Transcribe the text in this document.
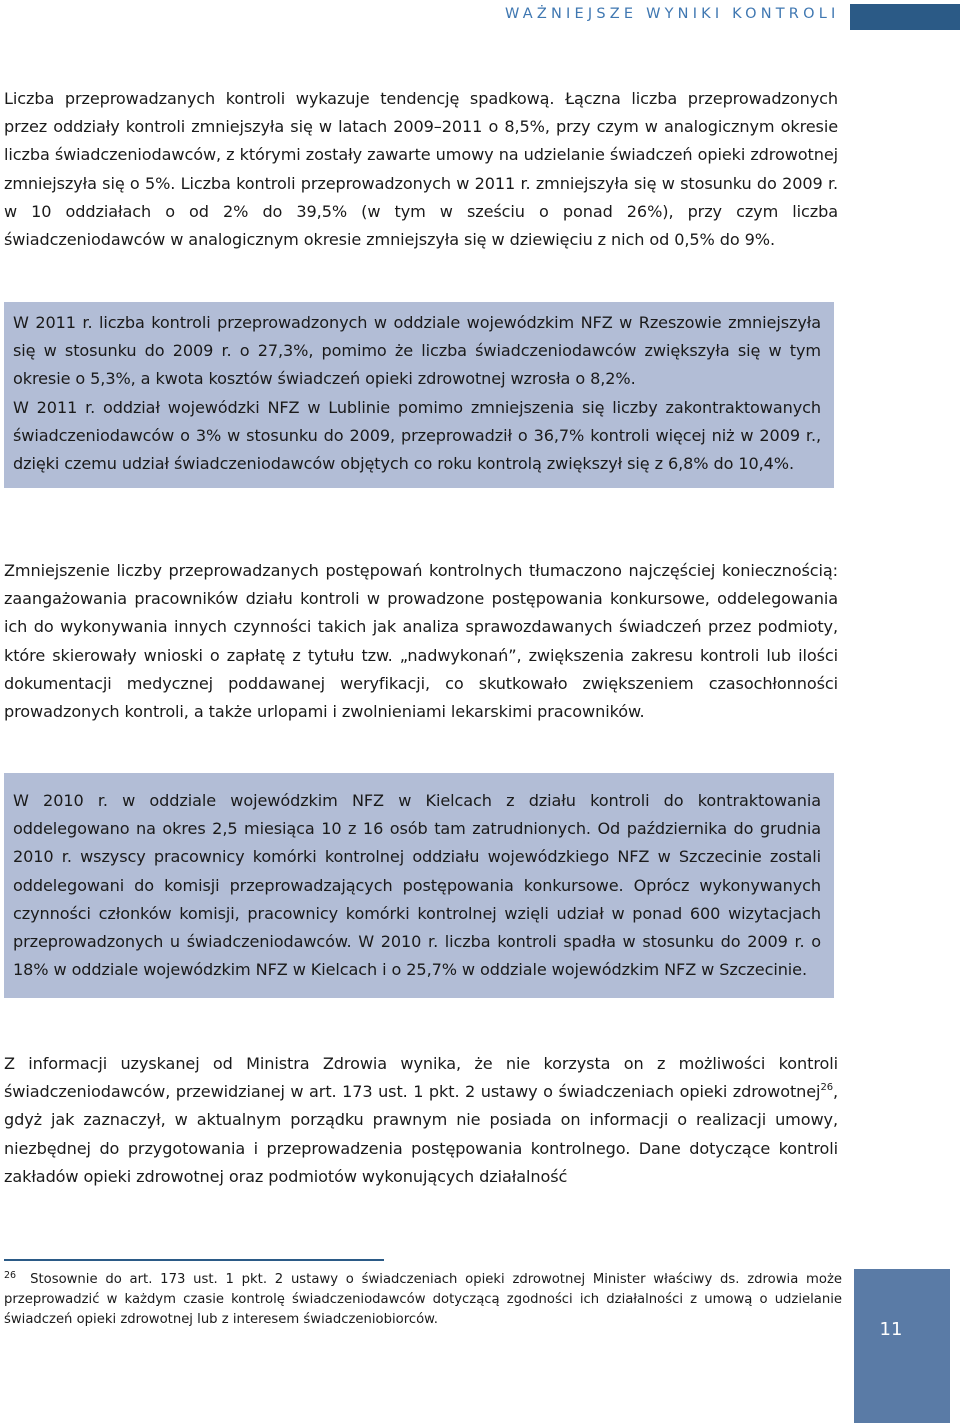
WAŻNIEJSZE WYNIKI KONTROLI

Liczba przeprowadzanych kontroli wykazuje tendencję spadkową. Łączna liczba przeprowadzonych przez oddziały kontroli zmniejszyła się w latach 2009–2011 o 8,5%, przy czym w analogicznym okresie liczba świadczeniodawców, z którymi zostały zawarte umowy na udzielanie świadczeń opieki zdrowotnej zmniejszyła się o 5%. Liczba kontroli przeprowadzonych w 2011 r. zmniejszyła się w stosunku do 2009 r. w 10 oddziałach o od 2% do 39,5% (w tym w sześciu o ponad 26%), przy czym liczba świadczeniodawców w analogicznym okresie zmniejszyła się w dziewięciu z nich od 0,5% do 9%.

W 2011 r. liczba kontroli przeprowadzonych w oddziale wojewódzkim NFZ w Rzeszowie zmniejszyła się w stosunku do 2009 r. o 27,3%, pomimo że liczba świadczeniodawców zwiększyła się w tym okresie o 5,3%, a kwota kosztów świadczeń opieki zdrowotnej wzrosła o 8,2%.

W 2011 r. oddział wojewódzki NFZ w Lublinie pomimo zmniejszenia się liczby zakontraktowanych świadczeniodawców o 3% w stosunku do 2009, przeprowadził o 36,7% kontroli więcej niż w 2009 r., dzięki czemu udział świadczeniodawców objętych co roku kontrolą zwiększył się z 6,8% do 10,4%.

Zmniejszenie liczby przeprowadzanych postępowań kontrolnych tłumaczono najczęściej koniecznością: zaangażowania pracowników działu kontroli w prowadzone postępowania konkursowe, oddelegowania ich do wykonywania innych czynności takich jak analiza sprawozdawanych świadczeń przez podmioty, które skierowały wnioski o zapłatę z tytułu tzw. „nadwykonań”, zwiększenia zakresu kontroli lub ilości dokumentacji medycznej poddawanej weryfikacji, co skutkowało zwiększeniem czasochłonności prowadzonych kontroli, a także urlopami i zwolnieniami lekarskimi pracowników.

W 2010 r. w oddziale wojewódzkim NFZ w Kielcach z działu kontroli do kontraktowania oddelegowano na okres 2,5 miesiąca 10 z 16 osób tam zatrudnionych. Od października do grudnia 2010 r. wszyscy pracownicy komórki kontrolnej oddziału wojewódzkiego NFZ w Szczecinie zostali oddelegowani do komisji przeprowadzających postępowania konkursowe. Oprócz wykonywanych czynności członków komisji, pracownicy komórki kontrolnej wzięli udział w ponad 600 wizytacjach przeprowadzonych u świadczeniodawców. W 2010 r. liczba kontroli spadła w stosunku do 2009 r. o 18% w oddziale wojewódzkim NFZ w Kielcach i o 25,7% w oddziale wojewódzkim NFZ w Szczecinie.

Z informacji uzyskanej od Ministra Zdrowia wynika, że nie korzysta on z możliwości kontroli świadczeniodawców, przewidzianej w art. 173 ust. 1 pkt. 2 ustawy o świadczeniach opieki zdrowotnej$^{26}$, gdyż jak zaznaczył, w aktualnym porządku prawnym nie posiada on informacji o realizacji umowy, niezbędnej do przygotowania i przeprowadzenia postępowania kontrolnego. Dane dotyczące kontroli zakładów opieki zdrowotnej oraz podmiotów wykonujących działalność

$^{26}$ Stosownie do art. 173 ust. 1 pkt. 2 ustawy o świadczeniach opieki zdrowotnej Minister właściwy ds. zdrowia może przeprowadzić w każdym czasie kontrolę świadczeniodawców dotyczącą zgodności ich działalności z umową o udzielanie świadczeń opieki zdrowotnej lub z interesem świadczeniobiorców.	11
